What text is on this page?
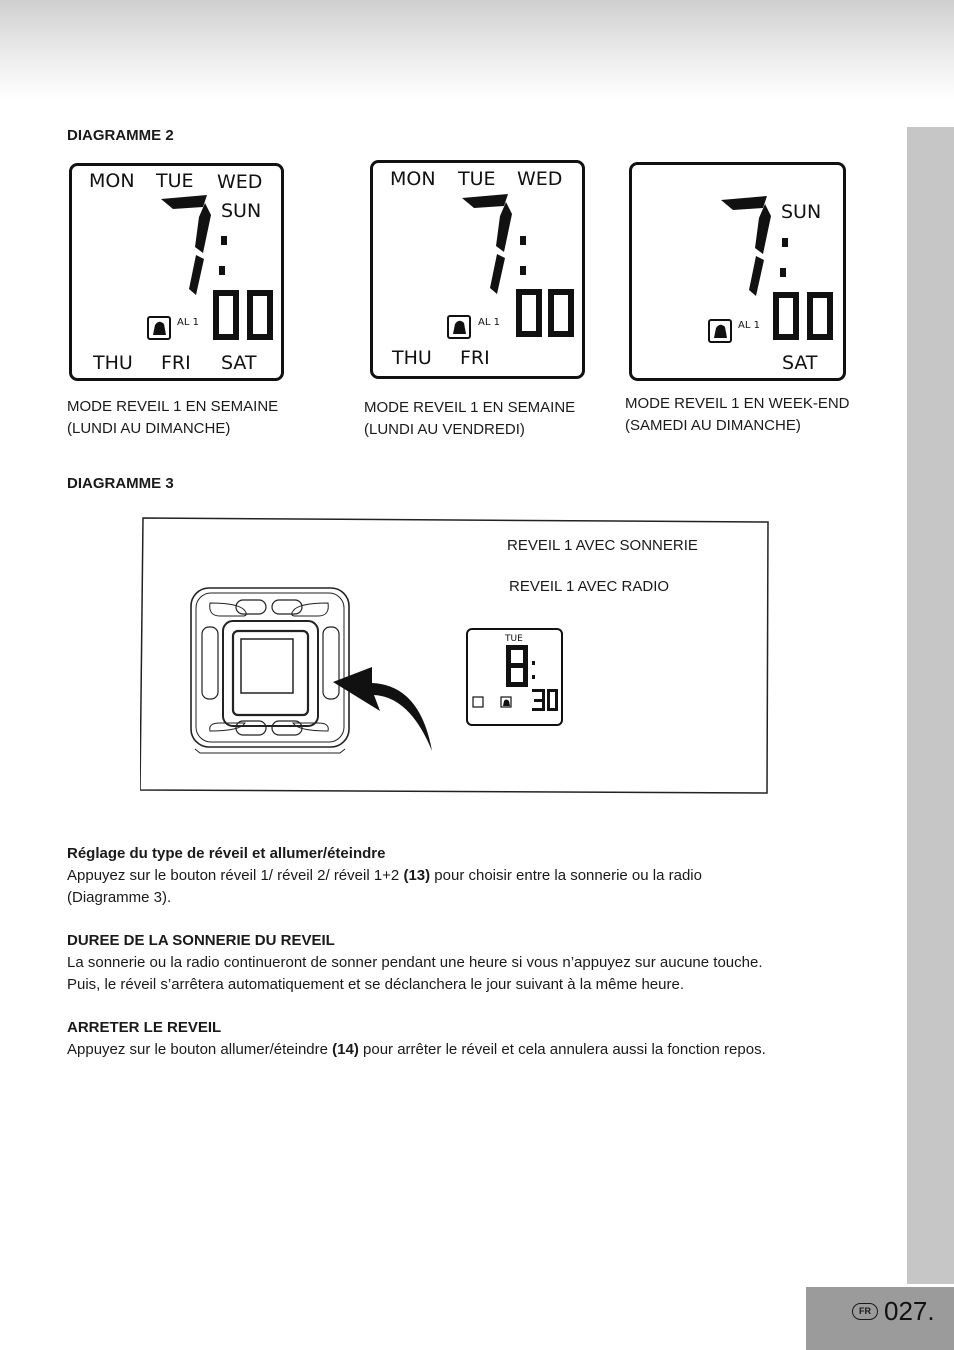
DIAGRAMME 2
MON TUE WED
SUN
AL 1
THU FRI SAT
MODE REVEIL 1 EN SEMAINE
(LUNDI AU DIMANCHE)
MON TUE WED
AL 1
THU FRI
MODE REVEIL 1 EN SEMAINE
(LUNDI AU VENDREDI)
SUN
AL 1
SAT
MODE REVEIL 1 EN WEEK-END
(SAMEDI AU DIMANCHE)
DIAGRAMME 3
TUE
REVEIL 1 AVEC SONNERIE
REVEIL 1 AVEC RADIO
Réglage du type de réveil et allumer/éteindre
Appuyez sur le bouton réveil 1/ réveil 2/ réveil 1+2 (13) pour choisir entre la sonnerie ou la radio
(Diagramme 3).
DUREE DE LA SONNERIE DU REVEIL
La sonnerie ou la radio continueront de sonner pendant une heure si vous n’appuyez sur aucune touche.
Puis, le réveil s’arrêtera automatiquement et se déclanchera le jour suivant à la même heure.
ARRETER LE REVEIL
Appuyez sur le bouton allumer/éteindre (14) pour arrêter le réveil et cela annulera aussi la fonction repos.
FR 027.
